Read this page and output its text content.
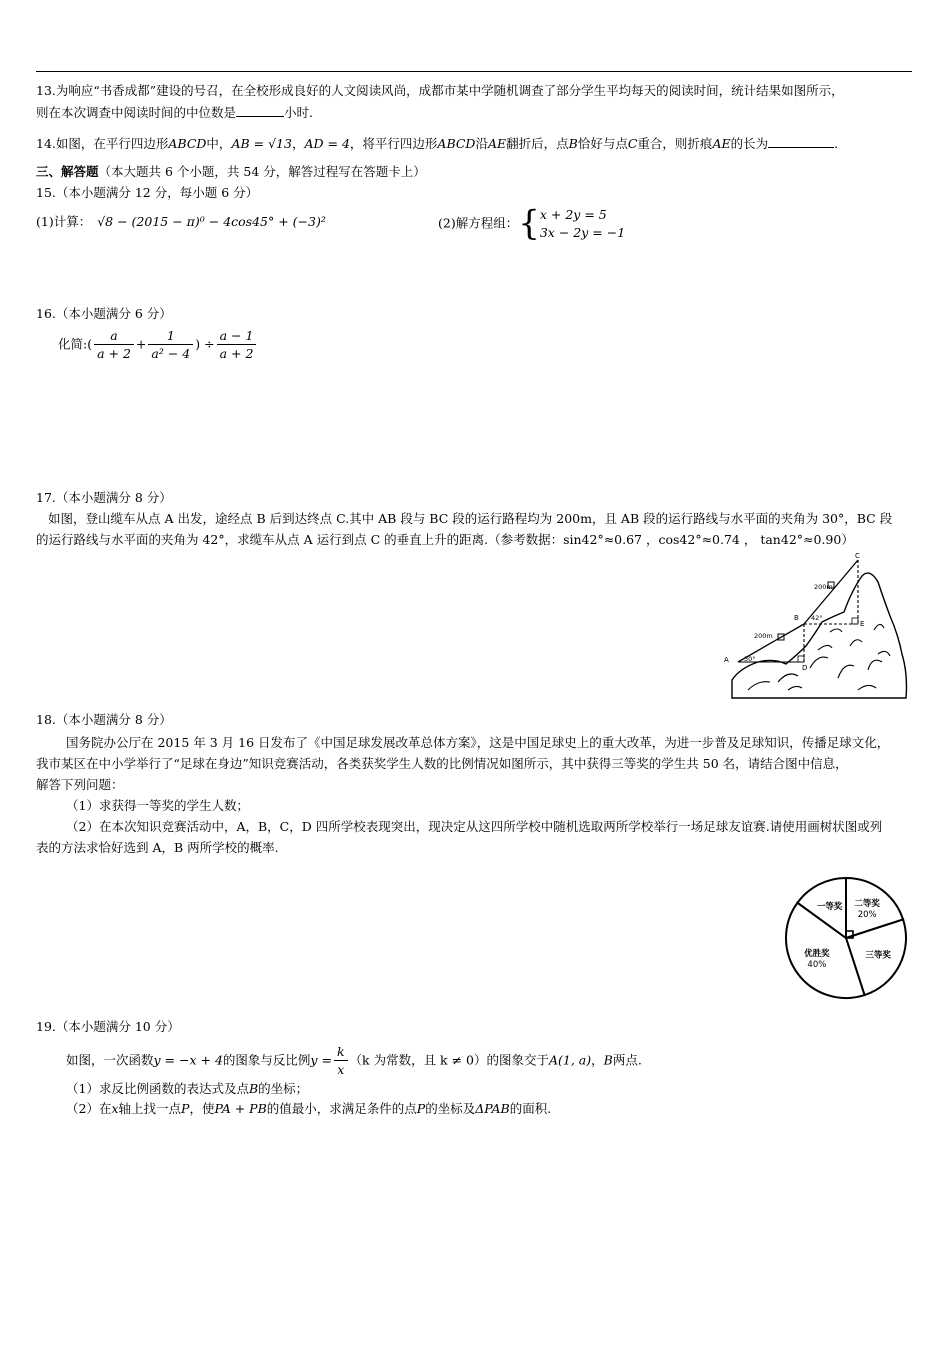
13.为响应“书香成都”建设的号召，在全校形成良好的人文阅读风尚，成都市某中学随机调查了部分学生平均每天的阅读时间，统计结果如图所示，
则在本次调查中阅读时间的中位数是	小时.
14.如图，在平行四边形ABCD中，AB = √13，AD = 4，将平行四边形ABCD沿AE翻折后，点B恰好与点C重合，则折痕AE的长为	.
三、解答题（本大题共 6 个小题，共 54 分，解答过程写在答题卡上）
15.（本小题满分 12 分，每小题 6 分）
(1)计算： √8 − (2015 − π)⁰ − 4cos45° + (−3)²	(2)解方程组：{ x + 2y = 5
3x − 2y = −1
16.（本小题满分 6 分）
化简:( $\frac{a}{a + 2} + \frac{1}{\text{a² − 4}}$ ) ÷ $\frac{a - 1}{a + 2}$
17.（本小题满分 8 分）
如图，登山缆车从点 A 出发，途经点 B 后到达终点 C.其中 AB 段与 BC 段的运行路程均为 200m，且 AB 段的运行路线与水平面的夹角为 30°，BC 段
的运行路线与水平面的夹角为 42°，求缆车从点 A 运行到点 C 的垂直上升的距离.（参考数据：sin42°≈0.67 ，cos42°≈0.74 ， tan42°≈0.90）
C
B
E
A
D
200m
200m
42°
30°
18.（本小题满分 8 分）
国务院办公厅在 2015 年 3 月 16 日发布了《中国足球发展改革总体方案》，这是中国足球史上的重大改革，为进一步普及足球知识，传播足球文化，
我市某区在中小学举行了“足球在身边”知识竞赛活动，各类获奖学生人数的比例情况如图所示，其中获得三等奖的学生共 50 名，请结合图中信息，
解答下列问题：
（1）求获得一等奖的学生人数；
（2）在本次知识竞赛活动中，A，B，C，D 四所学校表现突出，现决定从这四所学校中随机选取两所学校举行一场足球友谊赛.请使用画树状图或列
表的方法求恰好选到 A，B 两所学校的概率.
二等奖
20%
三等奖
优胜奖
40%
一等奖
19.（本小题满分 10 分）
如图，一次函数y = −x + 4的图象与反比例$y = \frac{k}{x} (k$ 为常数，且 k ≠ 0）的图象交于A(1, a)，B两点.
（1）求反比例函数的表达式及点B的坐标；
（2）在x轴上找一点P，使PA + PB的值最小，求满足条件的点P的坐标及ΔPAB的面积.
